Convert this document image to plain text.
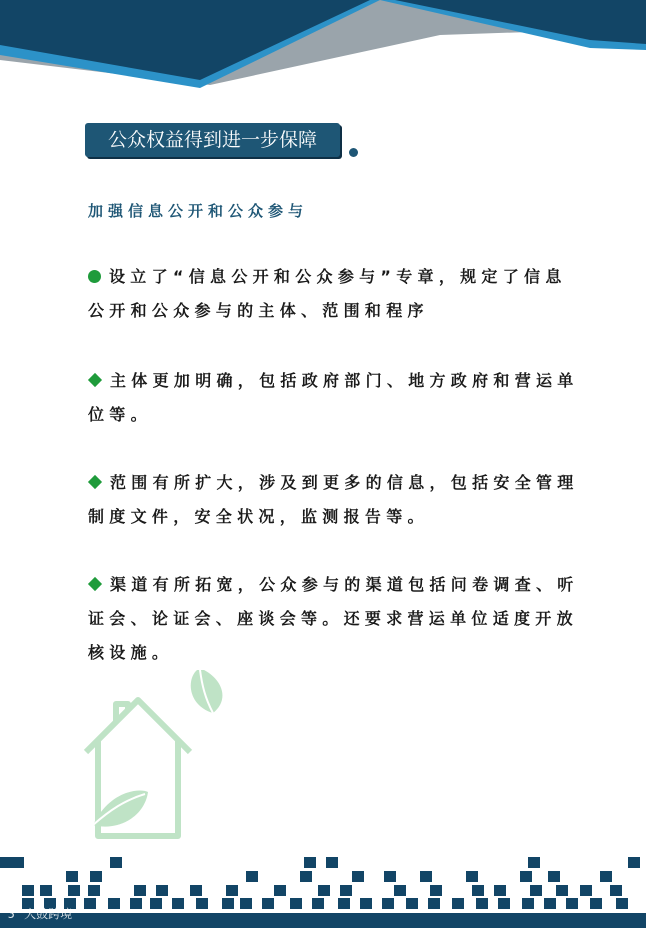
公众权益得到进一步保障
加强信息公开和公众参与
设立了“信息公开和公众参与”专章，规定了信息公开和公众参与的主体、范围和程序
主体更加明确，包括政府部门、地方政府和营运单位等。
范围有所扩大，涉及到更多的信息，包括安全管理制度文件，安全状况，监测报告等。
渠道有所拓宽，公众参与的渠道包括问卷调查、听证会、论证会、座谈会等。还要求营运单位适度开放核设施。
ʖ˚ 大鼓跨境
